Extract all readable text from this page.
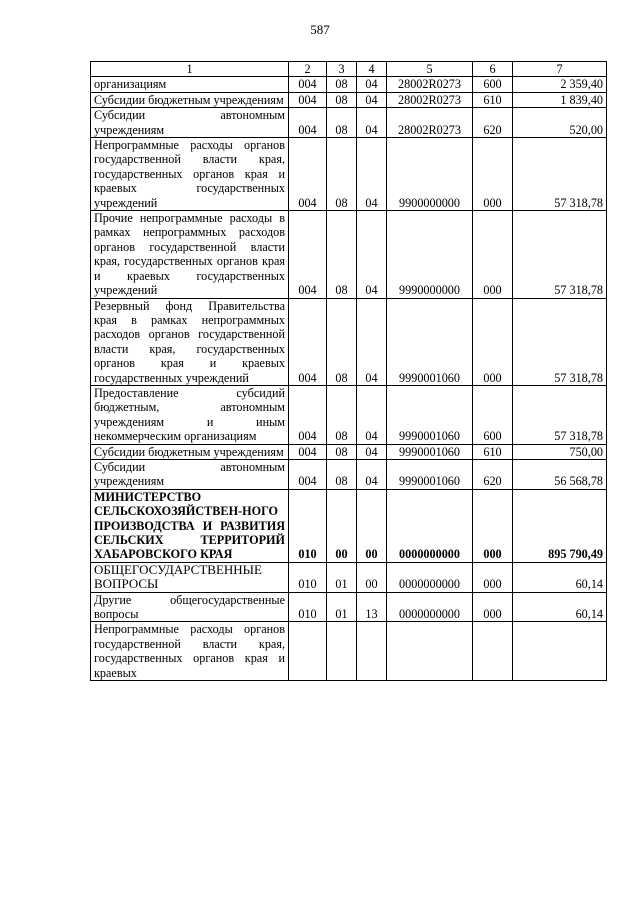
587
1	2	3	4	5	6	7
организациям	004	08	04	28002R0273	600	2 359,40
Субсидии бюджетным учреждениям	004	08	04	28002R0273	610	1 839,40
Субсидии автономным учреждениям	004	08	04	28002R0273	620	520,00
Непрограммные расходы органов государственной власти края, государственных органов края и краевых государственных учреждений	004	08	04	9900000000	000	57 318,78
Прочие непрограммные расходы в рамках непрограммных расходов органов государственной власти края, государственных органов края и краевых государственных учреждений	004	08	04	9990000000	000	57 318,78
Резервный фонд Правительства края в рамках непрограммных расходов органов государственной власти края, государственных органов края и краевых государственных учреждений	004	08	04	9990001060	000	57 318,78
Предоставление субсидий бюджетным, автономным учреждениям и иным некоммерческим организациям	004	08	04	9990001060	600	57 318,78
Субсидии бюджетным учреждениям	004	08	04	9990001060	610	750,00
Субсидии автономным учреждениям	004	08	04	9990001060	620	56 568,78
МИНИСТЕРСТВО СЕЛЬСКОХОЗЯЙСТВЕН-НОГО ПРОИЗВОДСТВА И РАЗВИТИЯ СЕЛЬСКИХ ТЕРРИТОРИЙ ХАБАРОВСКОГО КРАЯ	010	00	00	0000000000	000	895 790,49
ОБЩЕГОСУДАРСТВЕННЫЕ ВОПРОСЫ	010	01	00	0000000000	000	60,14
Другие общегосударственные вопросы	010	01	13	0000000000	000	60,14
Непрограммные расходы органов государственной власти края, государственных органов края и краевых						
